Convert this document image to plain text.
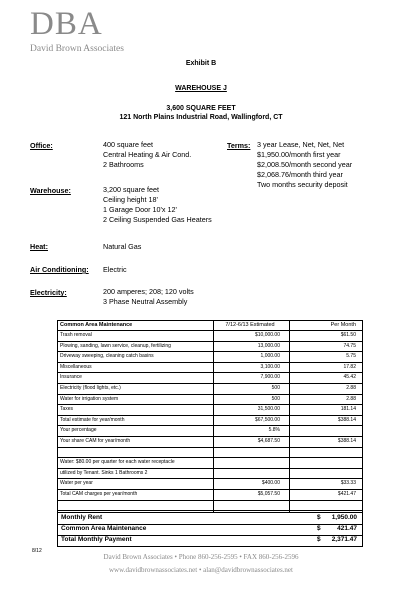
DBA
David Brown Associates
Exhibit B
WAREHOUSE J
3,600 SQUARE FEET
121 North Plains Industrial Road, Wallingford, CT
Office:	400 square feet
Central Heating & Air Cond.
2 Bathrooms
Terms: 3 year Lease, Net, Net, Net
$1,950.00/month first year
$2,008.50/month second year
$2,068.76/month third year
Two months security deposit
Warehouse:	3,200 square feet
Ceiling height 18'
1 Garage Door 10'x 12'
2 Ceiling Suspended Gas Heaters
Heat:	Natural Gas
Air Conditioning: Electric
Electricity:	200 amperes; 208; 120 volts
3 Phase Neutral Assembly
Common Area Maintenance	7/12-6/13 Estimated	Per Month
Trash removal	$10,000.00	$61.50
Plowing, sanding, lawn service, cleanup, fertilizing	13,000.00	74.75
Driveway sweeping, cleaning catch basins	1,000.00	5.75
Miscellaneous	3,100.00	17.82
Insurance	7,900.00	45.42
Electricity (flood lights, etc.)	500	2.88
Water for irrigation system	500	2.88
Taxes	31,500.00	181.14
Total estimate for year/month	$67,500.00	$388.14
Your percentage	5.8%
Your share CAM for year/month	$4,687.50	$388.14
Water: $80.00 per quarter for each water receptacle
utilized by Tenant. Sinks 1 Bathrooms 2
Water per year	$400.00	$33.33
Total CAM charges per year/month	$5,057.50	$421.47
Monthly Rent	$ 1,950.00
Common Area Maintenance	$	421.47
Total Monthly Payment	$ 2,371.47
8/12
David Brown Associates • Phone 860-256-2595 • FAX 860-256-2596
www.davidbrownassociates.net • alan@davidbrownassociates.net
